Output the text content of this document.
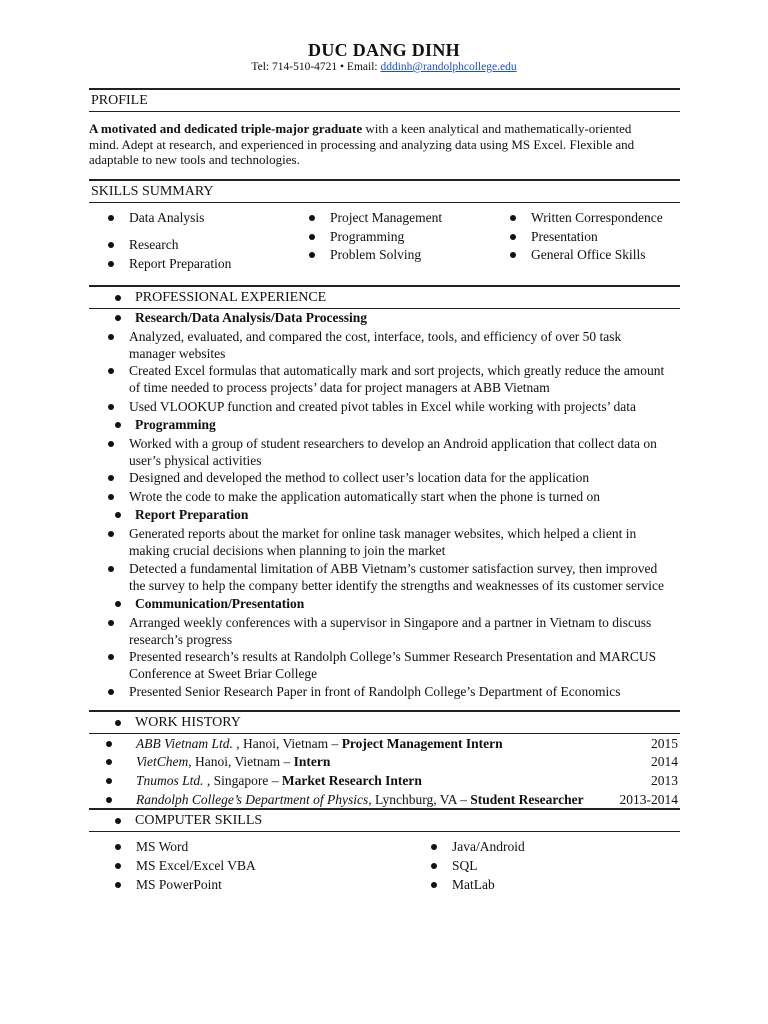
DUC DANG DINH
Tel: 714-510-4721 • Email: dddinh@randolphcollege.edu
PROFILE
A motivated and dedicated triple-major graduate with a keen analytical and mathematically-oriented
mind. Adept at research, and experienced in processing and analyzing data using MS Excel. Flexible and
adaptable to new tools and technologies.
SKILLS SUMMARY
Data Analysis
Research
Report Preparation
Project Management
Programming
Problem Solving
Written Correspondence
Presentation
General Office Skills
PROFESSIONAL EXPERIENCE
Research/Data Analysis/Data Processing
Analyzed, evaluated, and compared the cost, interface, tools, and efficiency of over 50 task
manager websites
Created Excel formulas that automatically mark and sort projects, which greatly reduce the amount
of time needed to process projects’ data for project managers at ABB Vietnam
Used VLOOKUP function and created pivot tables in Excel while working with projects’ data
Programming
Worked with a group of student researchers to develop an Android application that collect data on
user’s physical activities
Designed and developed the method to collect user’s location data for the application
Wrote the code to make the application automatically start when the phone is turned on
Report Preparation
Generated reports about the market for online task manager websites, which helped a client in
making crucial decisions when planning to join the market
Detected a fundamental limitation of ABB Vietnam’s customer satisfaction survey, then improved
the survey to help the company better identify the strengths and weaknesses of its customer service
Communication/Presentation
Arranged weekly conferences with a supervisor in Singapore and a partner in Vietnam to discuss
research’s progress
Presented research’s results at Randolph College’s Summer Research Presentation and MARCUS
Conference at Sweet Briar College
Presented Senior Research Paper in front of Randolph College’s Department of Economics
WORK HISTORY
ABB Vietnam Ltd. , Hanoi, Vietnam – Project Management Intern	2015
VietChem, Hanoi, Vietnam – Intern	2014
Tnumos Ltd. , Singapore – Market Research Intern	2013
Randolph College’s Department of Physics, Lynchburg, VA – Student Researcher	2013-2014
COMPUTER SKILLS
MS Word
MS Excel/Excel VBA
MS PowerPoint
Java/Android
SQL
MatLab
